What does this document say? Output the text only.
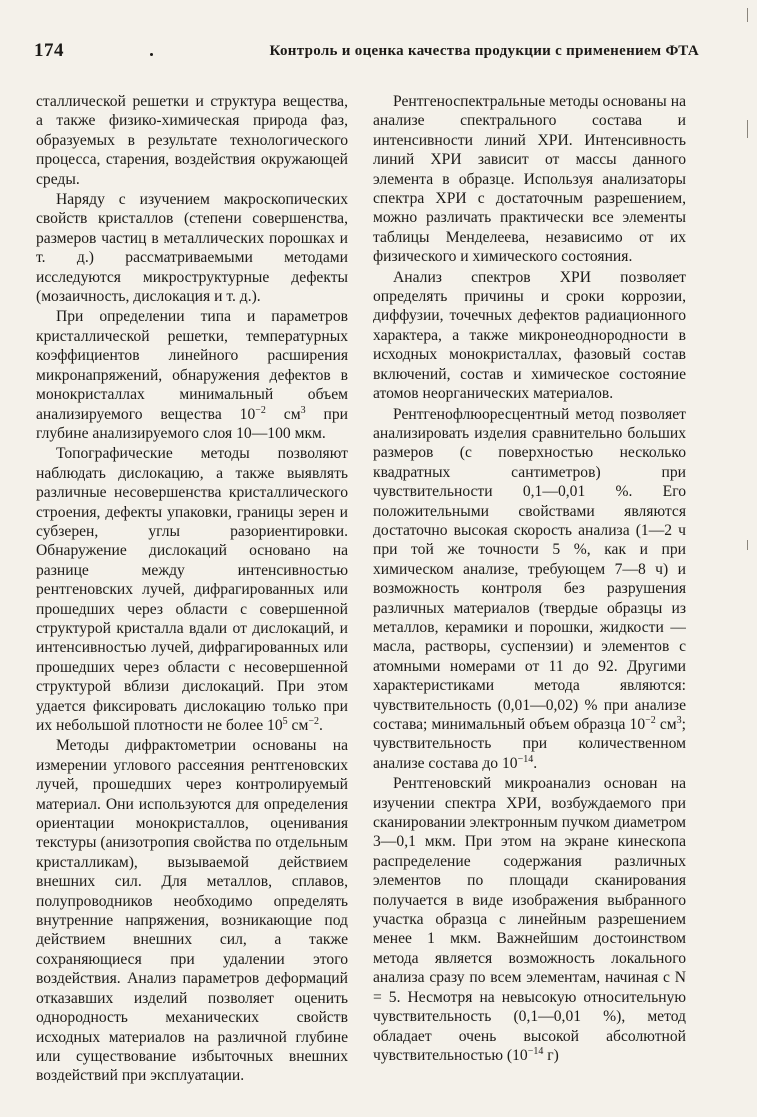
174	Контроль и оценка качества продукции с применением ФТА

сталлической решетки и структура вещества, а также физико-химическая природа фаз, образуемых в результате технологического процесса, старения, воздействия окружающей среды.

Наряду с изучением макроскопических свойств кристаллов (степени совершенства, размеров частиц в металлических порошках и т. д.) рассматриваемыми методами исследуются микроструктурные дефекты (мозаичность, дислокация и т. д.).

При определении типа и параметров кристаллической решетки, температурных коэффициентов линейного расширения микронапряжений, обнаружения дефектов в монокристаллах минимальный объем анализируемого вещества $10^{-2}$ $см^3$ при глубине анализируемого слоя 10—100 мкм.

Топографические методы позволяют наблюдать дислокацию, а также выявлять различные несовершенства кристаллического строения, дефекты упаковки, границы зерен и субзерен, углы разориентировки. Обнаружение дислокаций основано на разнице между интенсивностью рентгеновских лучей, дифрагированных или прошедших через области с совершенной структурой кристалла вдали от дислокаций, и интенсивностью лучей, дифрагированных или прошедших через области с несовершенной структурой вблизи дислокаций. При этом удается фиксировать дислокацию только при их небольшой плотности не более $10^5$ $см^{-2}$.

Методы дифрактометрии основаны на измерении углового рассеяния рентгеновских лучей, прошедших через контролируемый материал. Они используются для определения ориентации монокристаллов, оценивания текстуры (анизотропия свойства по отдельным кристалликам), вызываемой действием внешних сил. Для металлов, сплавов, полупроводников необходимо определять внутренние напряжения, возникающие под действием внешних сил, а также сохраняющиеся при удалении этого воздействия. Анализ параметров деформаций отказавших изделий позволяет оценить однородность механических свойств исходных материалов на различной глубине или существование избыточных внешних воздействий при эксплуатации.

Рентгеноспектральные методы основаны на анализе спектрального состава и интенсивности линий ХРИ. Интенсивность линий ХРИ зависит от массы данного элемента в образце. Используя анализаторы спектра ХРИ с достаточным разрешением, можно различать практически все элементы таблицы Менделеева, независимо от их физического и химического состояния.

Анализ спектров ХРИ позволяет определять причины и сроки коррозии, диффузии, точечных дефектов радиационного характера, а также микронеоднородности в исходных монокристаллах, фазовый состав включений, состав и химическое состояние атомов неорганических материалов.

Рентгенофлюоресцентный метод позволяет анализировать изделия сравнительно больших размеров (с поверхностью несколько квадратных сантиметров) при чувствительности 0,1—0,01 %. Его положительными свойствами являются достаточно высокая скорость анализа (1—2 ч при той же точности 5 %, как и при химическом анализе, требующем 7—8 ч) и возможность контроля без разрушения различных материалов (твердые образцы из металлов, керамики и порошки, жидкости — масла, растворы, суспензии) и элементов с атомными номерами от 11 до 92. Другими характеристиками метода являются: чувствительность (0,01—0,02) % при анализе состава; минимальный объем образца $10^{-2}$ $см^3$; чувствительность при количественном анализе состава до $10^{-14}$.

Рентгеновский микроанализ основан на изучении спектра ХРИ, возбуждаемого при сканировании электронным пучком диаметром 3—0,1 мкм. При этом на экране кинескопа распределение содержания различных элементов по площади сканирования получается в виде изображения выбранного участка образца с линейным разрешением менее 1 мкм. Важнейшим достоинством метода является возможность локального анализа сразу по всем элементам, начиная с N = 5. Несмотря на невысокую относительную чувствительность (0,1—0,01 %), метод обладает очень высокой абсолютной чувствительностью ($10^{-14}$ г)
